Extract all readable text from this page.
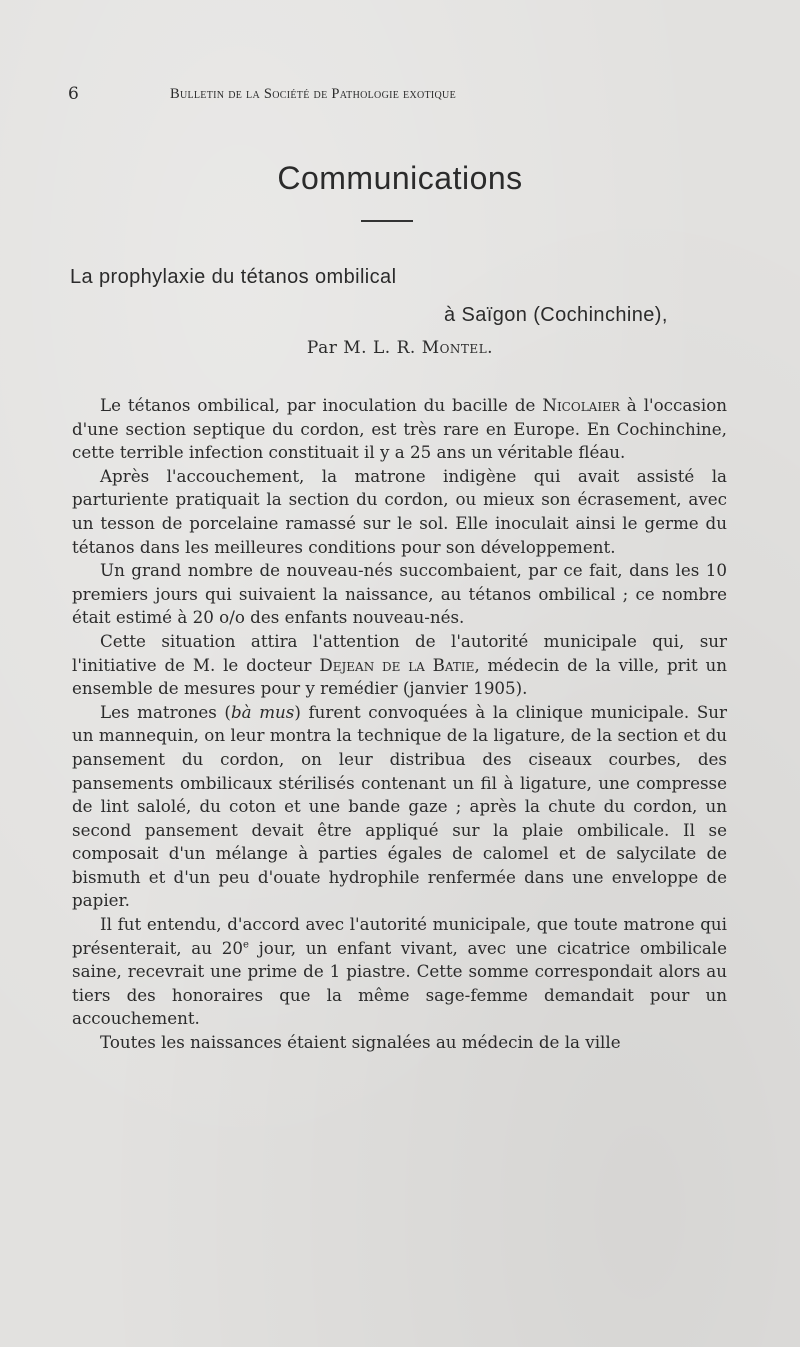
6	Bulletin de la Société de Pathologie exotique
Communications
La prophylaxie du tétanos ombilical
à Saïgon (Cochinchine),
Par M. L. R. Montel.

Le tétanos ombilical, par inoculation du bacille de Nicolaier à l'occasion d'une section septique du cordon, est très rare en Europe. En Cochinchine, cette terrible infection constituait il y a 25 ans un véritable fléau.

Après l'accouchement, la matrone indigène qui avait assisté la parturiente pratiquait la section du cordon, ou mieux son écrasement, avec un tesson de porcelaine ramassé sur le sol. Elle inoculait ainsi le germe du tétanos dans les meilleures conditions pour son développement.

Un grand nombre de nouveau-nés succombaient, par ce fait, dans les 10 premiers jours qui suivaient la naissance, au tétanos ombilical ; ce nombre était estimé à 20 o/o des enfants nouveau-nés.

Cette situation attira l'attention de l'autorité municipale qui, sur l'initiative de M. le docteur Dejean de la Batie, médecin de la ville, prit un ensemble de mesures pour y remédier (janvier 1905).

Les matrones (bà mus) furent convoquées à la clinique municipale. Sur un mannequin, on leur montra la technique de la ligature, de la section et du pansement du cordon, on leur distribua des ciseaux courbes, des pansements ombilicaux stérilisés contenant un fil à ligature, une compresse de lint salolé, du coton et une bande gaze ; après la chute du cordon, un second pansement devait être appliqué sur la plaie ombilicale. Il se composait d'un mélange à parties égales de calomel et de salycilate de bismuth et d'un peu d'ouate hydrophile renfermée dans une enveloppe de papier.

Il fut entendu, d'accord avec l'autorité municipale, que toute matrone qui présenterait, au 20e jour, un enfant vivant, avec une cicatrice ombilicale saine, recevrait une prime de 1 piastre. Cette somme correspondait alors au tiers des honoraires que la même sage-femme demandait pour un accouchement.

Toutes les naissances étaient signalées au médecin de la ville
